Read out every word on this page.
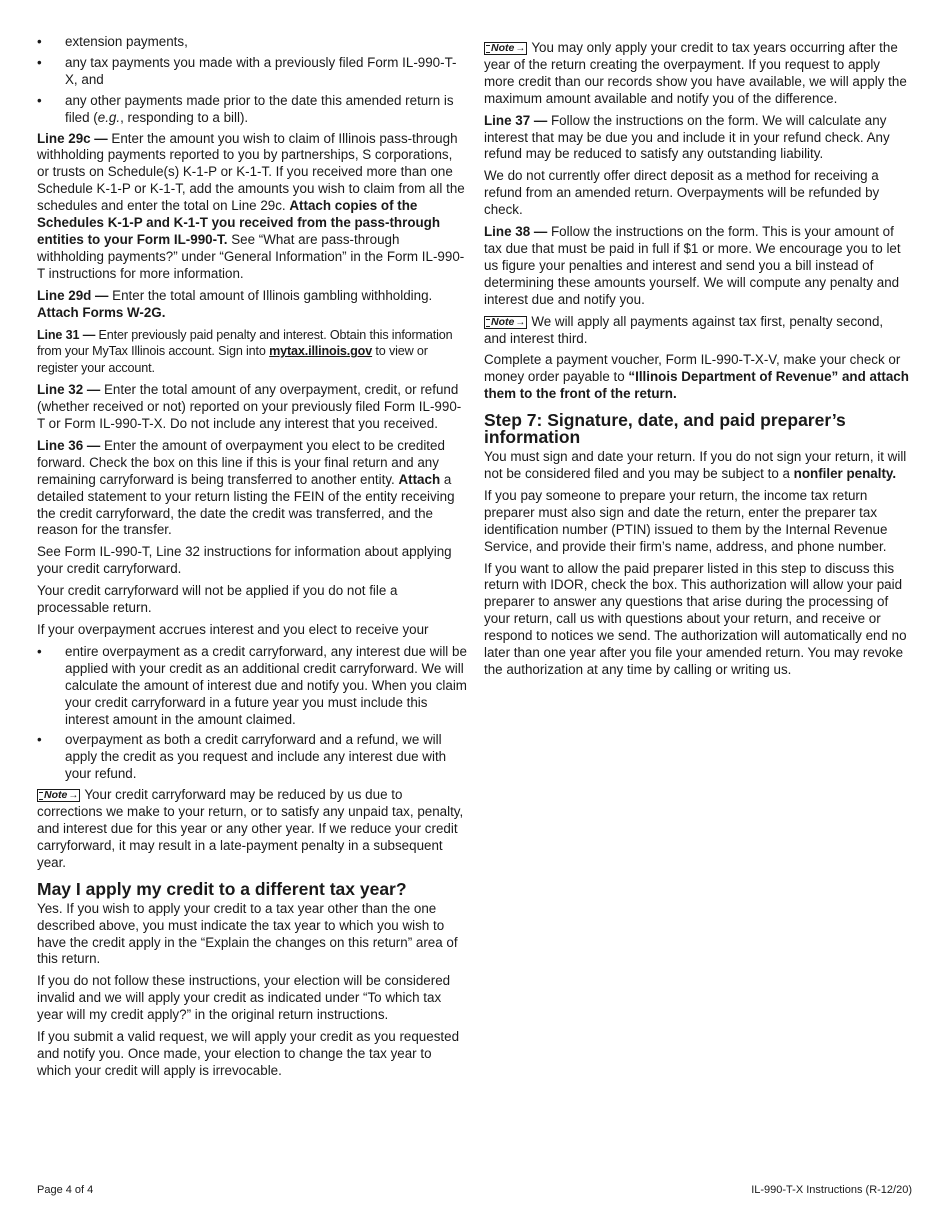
• extension payments,
• any tax payments you made with a previously filed Form IL-990-T-X, and
• any other payments made prior to the date this amended return is filed (e.g., responding to a bill).

Line 29c — Enter the amount you wish to claim of Illinois pass-through withholding payments reported to you by partnerships, S corporations, or trusts on Schedule(s) K-1-P or K-1-T. If you received more than one Schedule K-1-P or K-1-T, add the amounts you wish to claim from all the schedules and enter the total on Line 29c. Attach copies of the Schedules K-1-P and K-1-T you received from the pass-through entities to your Form IL-990-T. See “What are pass-through withholding payments?” under “General Information” in the Form IL-990-T instructions for more information.

Line 29d — Enter the total amount of Illinois gambling withholding. Attach Forms W-2G.

Line 31 — Enter previously paid penalty and interest. Obtain this information from your MyTax Illinois account. Sign into mytax.illinois.gov to view or register your account.

Line 32 — Enter the total amount of any overpayment, credit, or refund (whether received or not) reported on your previously filed Form IL-990-T or Form IL-990-T-X. Do not include any interest that you received.

Line 36 — Enter the amount of overpayment you elect to be credited forward. Check the box on this line if this is your final return and any remaining carryforward is being transferred to another entity. Attach a detailed statement to your return listing the FEIN of the entity receiving the credit carryforward, the date the credit was transferred, and the reason for the transfer.

See Form IL-990-T, Line 32 instructions for information about applying your credit carryforward.

Your credit carryforward will not be applied if you do not file a processable return.

If your overpayment accrues interest and you elect to receive your

• entire overpayment as a credit carryforward, any interest due will be applied with your credit as an additional credit carryforward. We will calculate the amount of interest due and notify you. When you claim your credit carryforward in a future year you must include this interest amount in the amount claimed.
• overpayment as both a credit carryforward and a refund, we will apply the credit as you request and include any interest due with your refund.

Note→ Your credit carryforward may be reduced by us due to corrections we make to your return, or to satisfy any unpaid tax, penalty, and interest due for this year or any other year. If we reduce your credit carryforward, it may result in a late-payment penalty in a subsequent year.

May I apply my credit to a different tax year?

Yes. If you wish to apply your credit to a tax year other than the one described above, you must indicate the tax year to which you wish to have the credit apply in the “Explain the changes on this return” area of this return.

If you do not follow these instructions, your election will be considered invalid and we will apply your credit as indicated under “To which tax year will my credit apply?” in the original return instructions.

If you submit a valid request, we will apply your credit as you requested and notify you. Once made, your election to change the tax year to which your credit will apply is irrevocable.

Note→ You may only apply your credit to tax years occurring after the year of the return creating the overpayment. If you request to apply more credit than our records show you have available, we will apply the maximum amount available and notify you of the difference.

Line 37 — Follow the instructions on the form. We will calculate any interest that may be due you and include it in your refund check. Any refund may be reduced to satisfy any outstanding liability.

We do not currently offer direct deposit as a method for receiving a refund from an amended return. Overpayments will be refunded by check.

Line 38 — Follow the instructions on the form. This is your amount of tax due that must be paid in full if $1 or more. We encourage you to let us figure your penalties and interest and send you a bill instead of determining these amounts yourself. We will compute any penalty and interest due and notify you.

Note→ We will apply all payments against tax first, penalty second, and interest third.

Complete a payment voucher, Form IL-990-T-X-V, make your check or money order payable to “Illinois Department of Revenue” and attach them to the front of the return.

Step 7: Signature, date, and paid preparer’s information

You must sign and date your return. If you do not sign your return, it will not be considered filed and you may be subject to a nonfiler penalty.

If you pay someone to prepare your return, the income tax return preparer must also sign and date the return, enter the preparer tax identification number (PTIN) issued to them by the Internal Revenue Service, and provide their firm’s name, address, and phone number.

If you want to allow the paid preparer listed in this step to discuss this return with IDOR, check the box. This authorization will allow your paid preparer to answer any questions that arise during the processing of your return, call us with questions about your return, and receive or respond to notices we send. The authorization will automatically end no later than one year after you file your amended return. You may revoke the authorization at any time by calling or writing us.

Page 4 of 4	IL-990-T-X Instructions (R-12/20)
